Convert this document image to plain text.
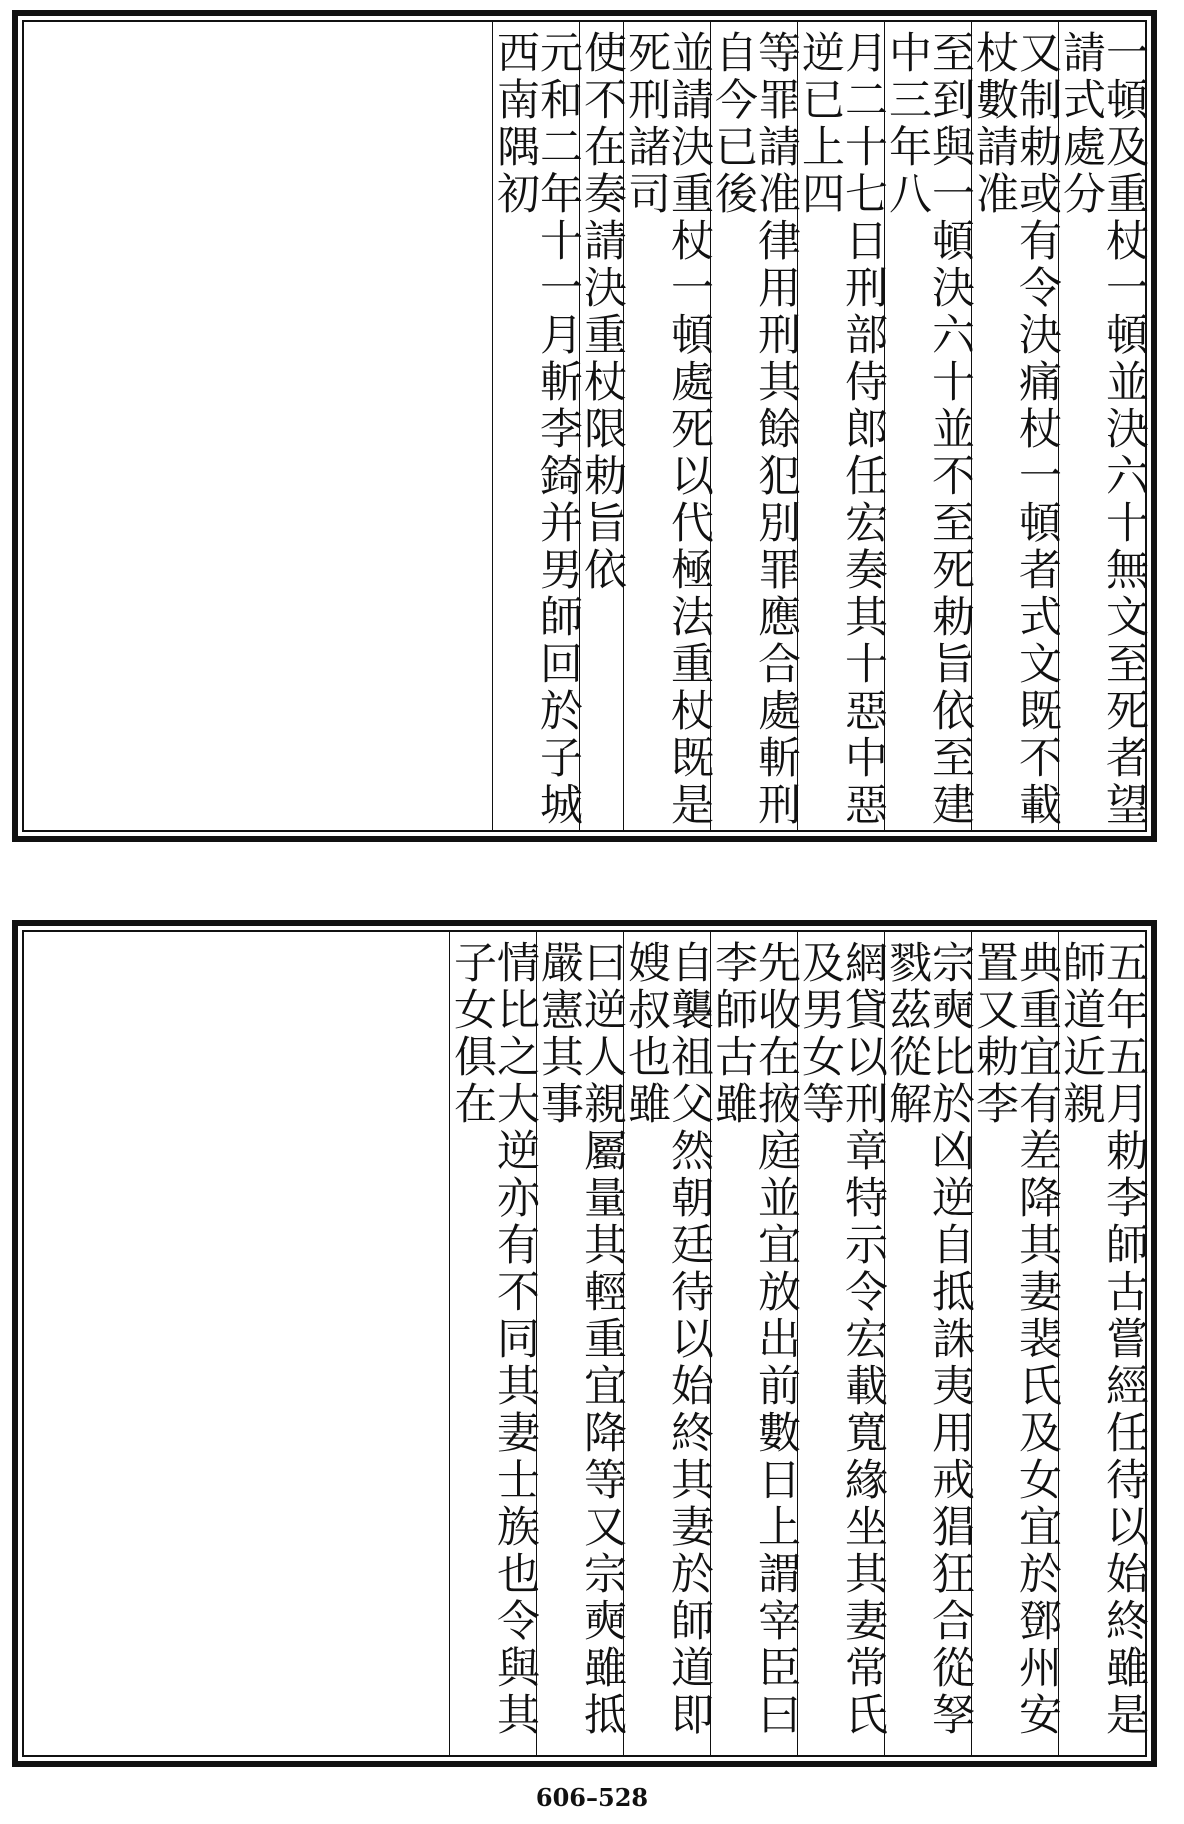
一頓及重杖一頓並決六十無文至死者望請式處分
又制勅或有令決痛杖一頓者式文既不載杖數請准
至到與一頓決六十並不至死勅旨依至建中三年八
月二十七日刑部侍郎任宏奏其十惡中惡逆已上四
等罪請准律用刑其餘犯別罪應合處斬刑自今已後
並請決重杖一頓處死以代極法重杖既是死刑諸司
使不在奏請決重杖限勅旨依
元和二年十一月斬李錡并男師回於子城西南隅初
五年五月勅李師古嘗經任待以始終雖是師道近親
典重宜有差降其妻裴氏及女宜於鄧州安置又勅李
宗奭比於凶逆自抵誅夷用戒猖狂合從孥戮茲從解
網貸以刑章特示令宏載寬緣坐其妻常氏及男女等
先收在掖庭並宜放出前數日上謂宰臣曰李師古雖
自襲祖父然朝廷待以始終其妻於師道即嫂叔也雖
曰逆人親屬量其輕重宜降等又宗奭雖抵嚴憲其事
情比之大逆亦有不同其妻士族也令與其子女俱在
606–528
